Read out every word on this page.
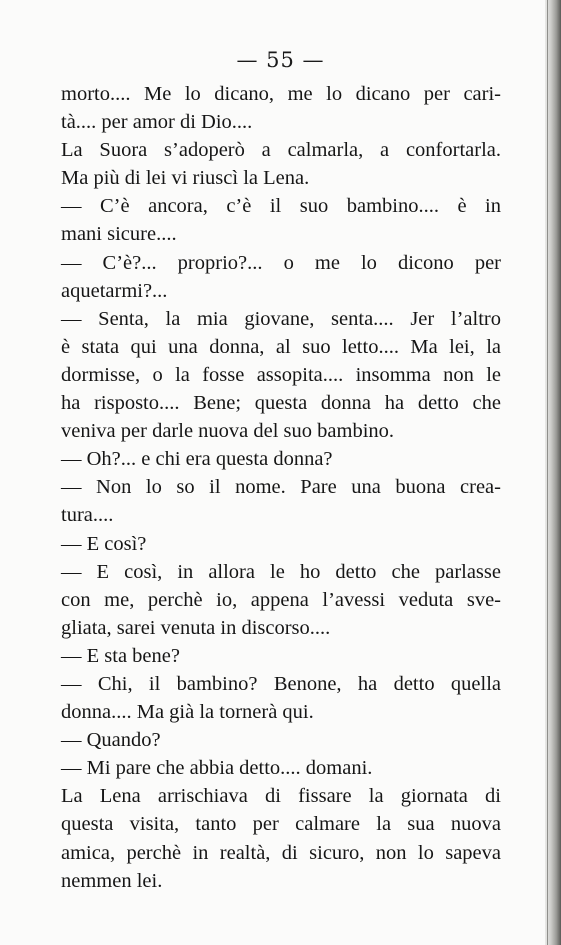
— 55 —
morto.... Me lo dicano, me lo dicano per cari-
tà.... per amor di Dio....
La Suora s’adoperò a calmarla, a confortarla.
Ma più di lei vi riuscì la Lena.
— C’è ancora, c’è il suo bambino.... è in
mani sicure....
— C’è?... proprio?... o me lo dicono per
aquetarmi?...
— Senta, la mia giovane, senta.... Jer l’altro
è stata qui una donna, al suo letto.... Ma lei, la
dormisse, o la fosse assopita.... insomma non le
ha risposto.... Bene; questa donna ha detto che
veniva per darle nuova del suo bambino.
— Oh?... e chi era questa donna?
— Non lo so il nome. Pare una buona crea-
tura....
— E così?
— E così, in allora le ho detto che parlasse
con me, perchè io, appena l’avessi veduta sve-
gliata, sarei venuta in discorso....
— E sta bene?
— Chi, il bambino? Benone, ha detto quella
donna.... Ma già la tornerà qui.
— Quando?
— Mi pare che abbia detto.... domani.
La Lena arrischiava di fissare la giornata di
questa visita, tanto per calmare la sua nuova
amica, perchè in realtà, di sicuro, non lo sapeva
nemmen lei.
